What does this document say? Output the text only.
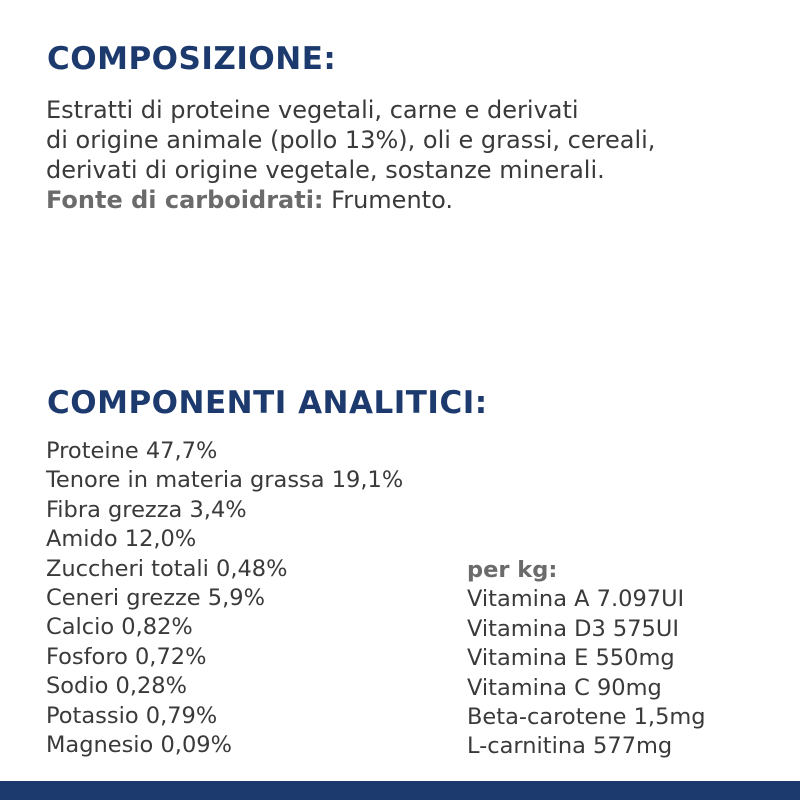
COMPOSIZIONE:
Estratti di proteine vegetali, carne e derivati
di origine animale (pollo 13%), oli e grassi, cereali,
derivati di origine vegetale, sostanze minerali.
Fonte di carboidrati: Frumento.
COMPONENTI ANALITICI:
Proteine 47,7%
Tenore in materia grassa 19,1%
Fibra grezza 3,4%
Amido 12,0%
Zuccheri totali 0,48%
Ceneri grezze 5,9%
Calcio 0,82%
Fosforo 0,72%
Sodio 0,28%
Potassio 0,79%
Magnesio 0,09%
per kg:
Vitamina A 7.097UI
Vitamina D3 575UI
Vitamina E 550mg
Vitamina C 90mg
Beta-carotene 1,5mg
L-carnitina 577mg
